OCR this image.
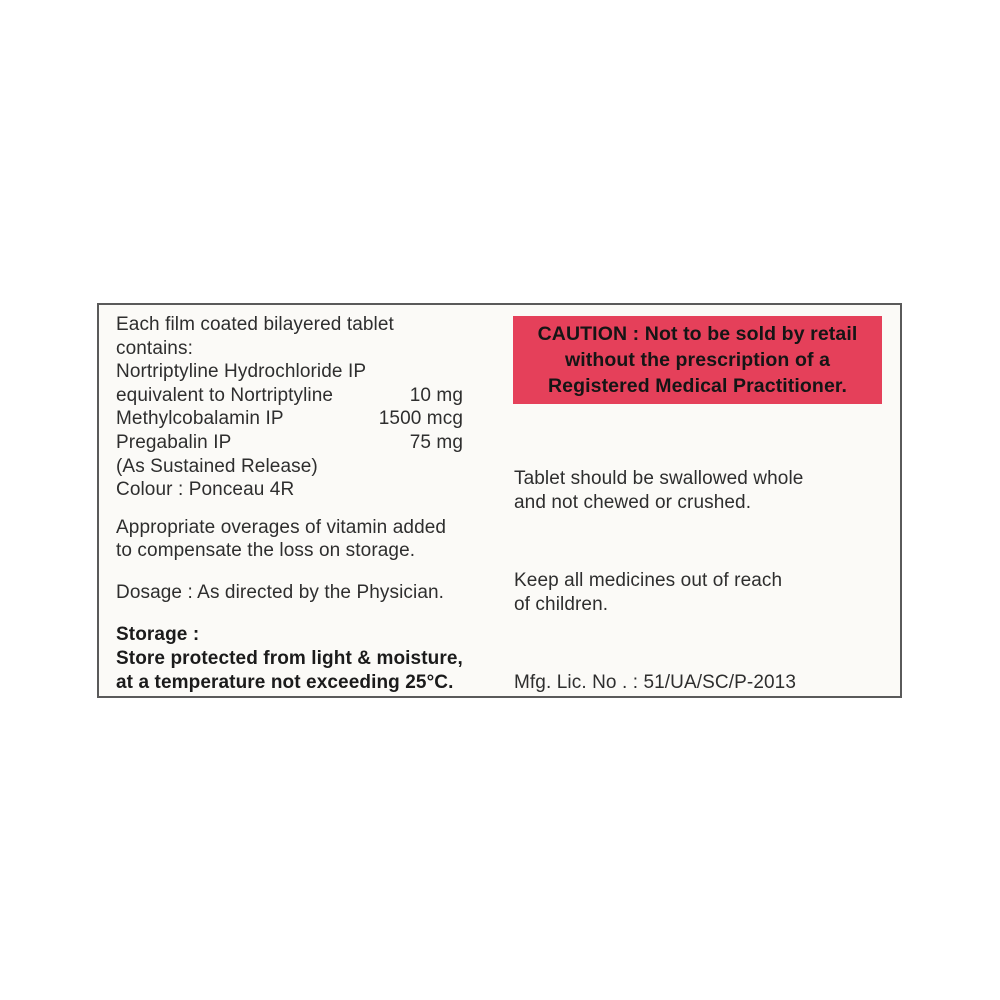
Each film coated bilayered tablet
contains:
Nortriptyline Hydrochloride IP
equivalent to Nortriptyline	10 mg
Methylcobalamin IP	1500 mcg
Pregabalin IP	75 mg
(As Sustained Release)
Colour : Ponceau 4R
Appropriate overages of vitamin added
to compensate the loss on storage.
Dosage : As directed by the Physician.
Storage :
Store protected from light & moisture,
at a temperature not exceeding 25°C.
CAUTION : Not to be sold by retail
without the prescription of a
Registered Medical Practitioner.
Tablet should be swallowed whole
and not chewed or crushed.
Keep all medicines out of reach
of children.
Mfg. Lic. No . : 51/UA/SC/P-2013
